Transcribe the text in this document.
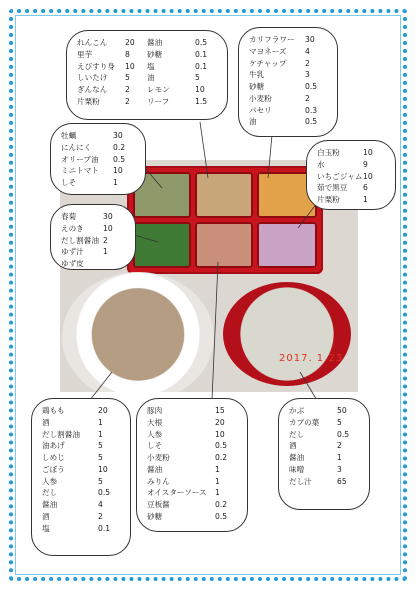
2017. 1.23
れんこん	20
里芋	8
えびすり身	10
しいたけ	5
ぎんなん	2
片栗粉	2
醤油	0.5
砂糖	0.1
塩	0.1
油	5
レモン	10
リーフ	1.5
カリフラワー	30
マヨネーズ	4
ケチャップ	2
牛乳	3
砂糖	0.5
小麦粉	2
パセリ	0.3
油	0.5
牡蠣	30
にんにく	0.2
オリーブ油	0.5
ミニトマト	10
しそ	1
白玉粉	10
水	9
いちごジャム 10
茹で黒豆	6
片栗粉	1
春菊	30
えのき	10
だし割醤油 2
ゆず汁	1
ゆず皮
鶏もも	20
酒	1
だし割醤油	1
油あげ	5
しめじ	5
ごぼう	10
人参	5
だし	0.5
醤油	4
酒	2
塩	0.1
豚肉	15
大根	20
人参	10
しそ	0.5
小麦粉	0.2
醤油	1
みりん	1
オイスターソース	1
豆板醤	0.2
砂糖	0.5
かぶ	50
カブの葉	5
だし	0.5
酒	2
醤油	1
味噌	3
だし汁	65
